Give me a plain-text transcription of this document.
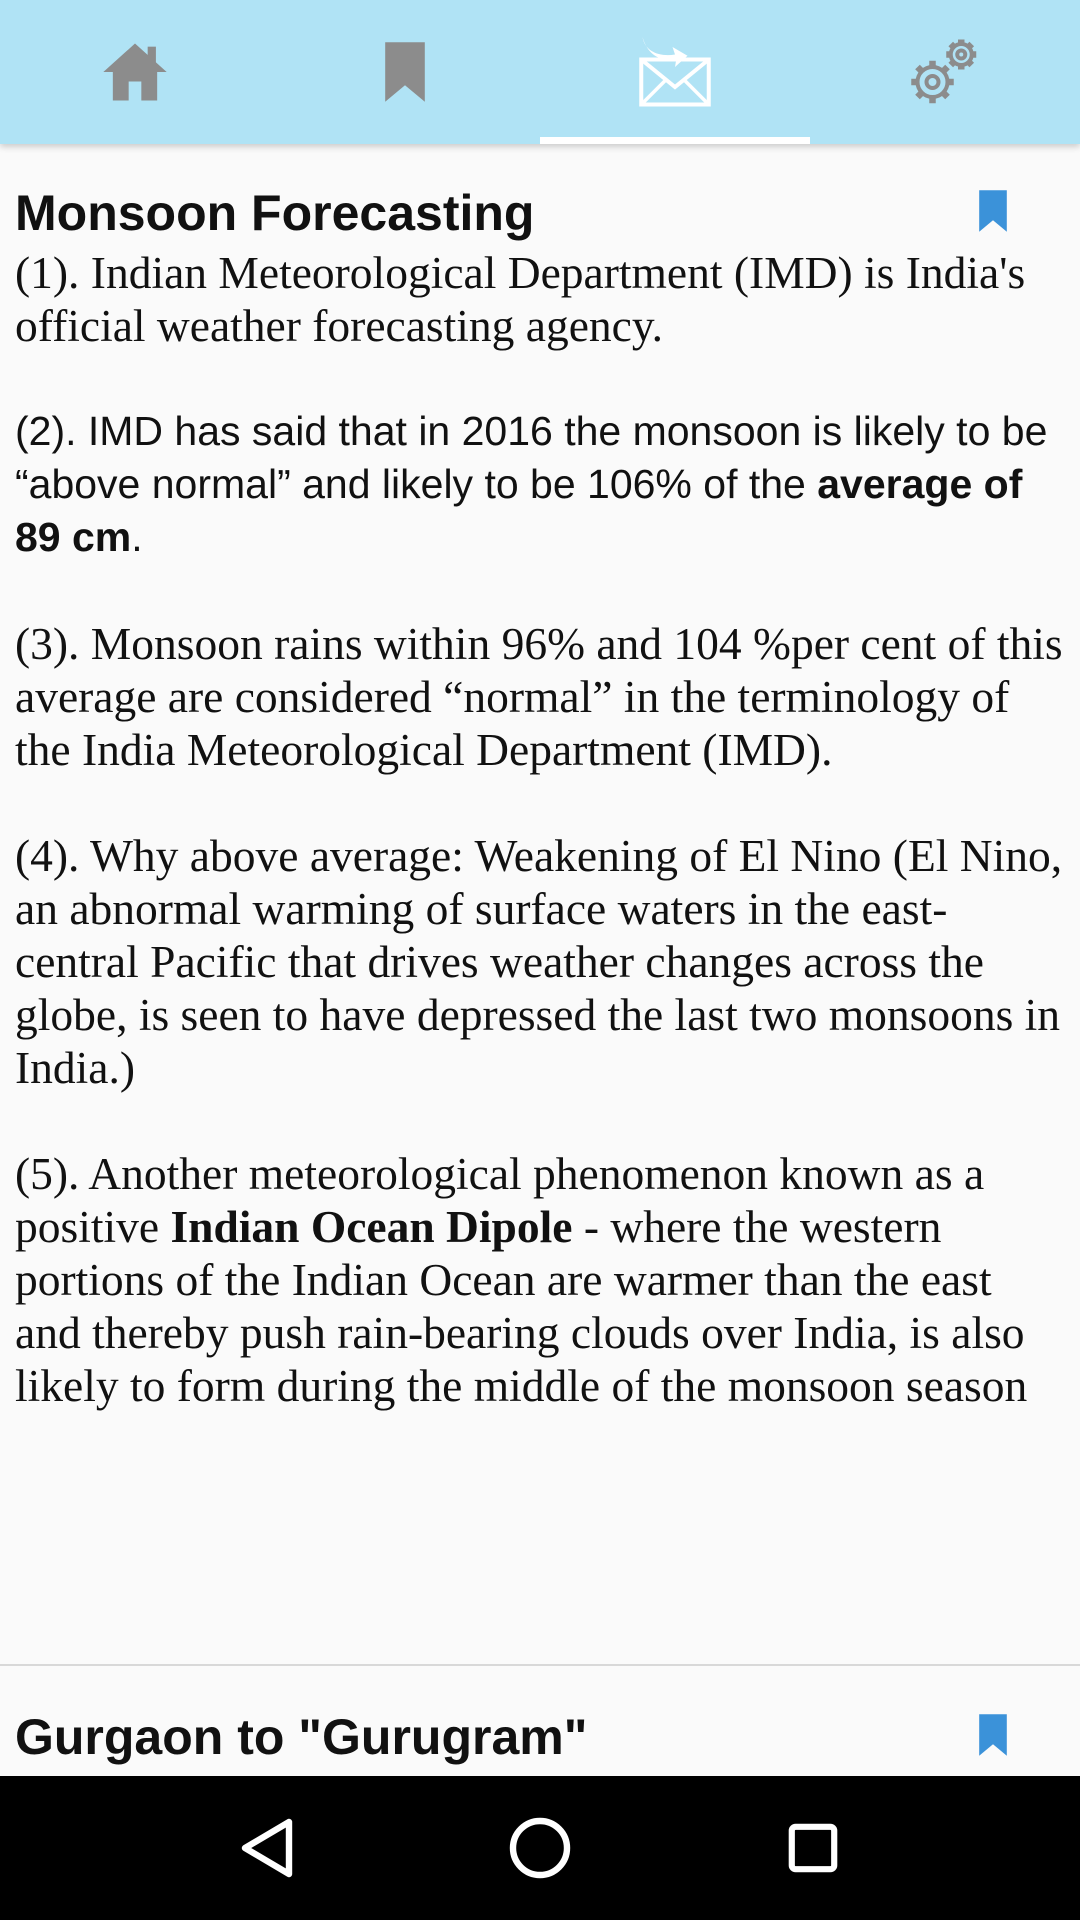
Monsoon Forecasting
(1). Indian Meteorological Department (IMD) is India's official weather forecasting agency.
(2). IMD has said that in 2016 the monsoon is likely to be “above normal” and likely to be 106% of the average of 89 cm.
(3). Monsoon rains within 96% and 104 %per cent of this average are considered “normal” in the terminology of the India Meteorological Department (IMD).
(4). Why above average: Weakening of El Nino (El Nino, an abnormal warming of surface waters in the east-central Pacific that drives weather changes across the globe, is seen to have depressed the last two monsoons in India.)
(5). Another meteorological phenomenon known as a positive Indian Ocean Dipole - where the western portions of the Indian Ocean are warmer than the east and thereby push rain-bearing clouds over India, is also likely to form during the middle of the monsoon season
Gurgaon to "Gurugram"
